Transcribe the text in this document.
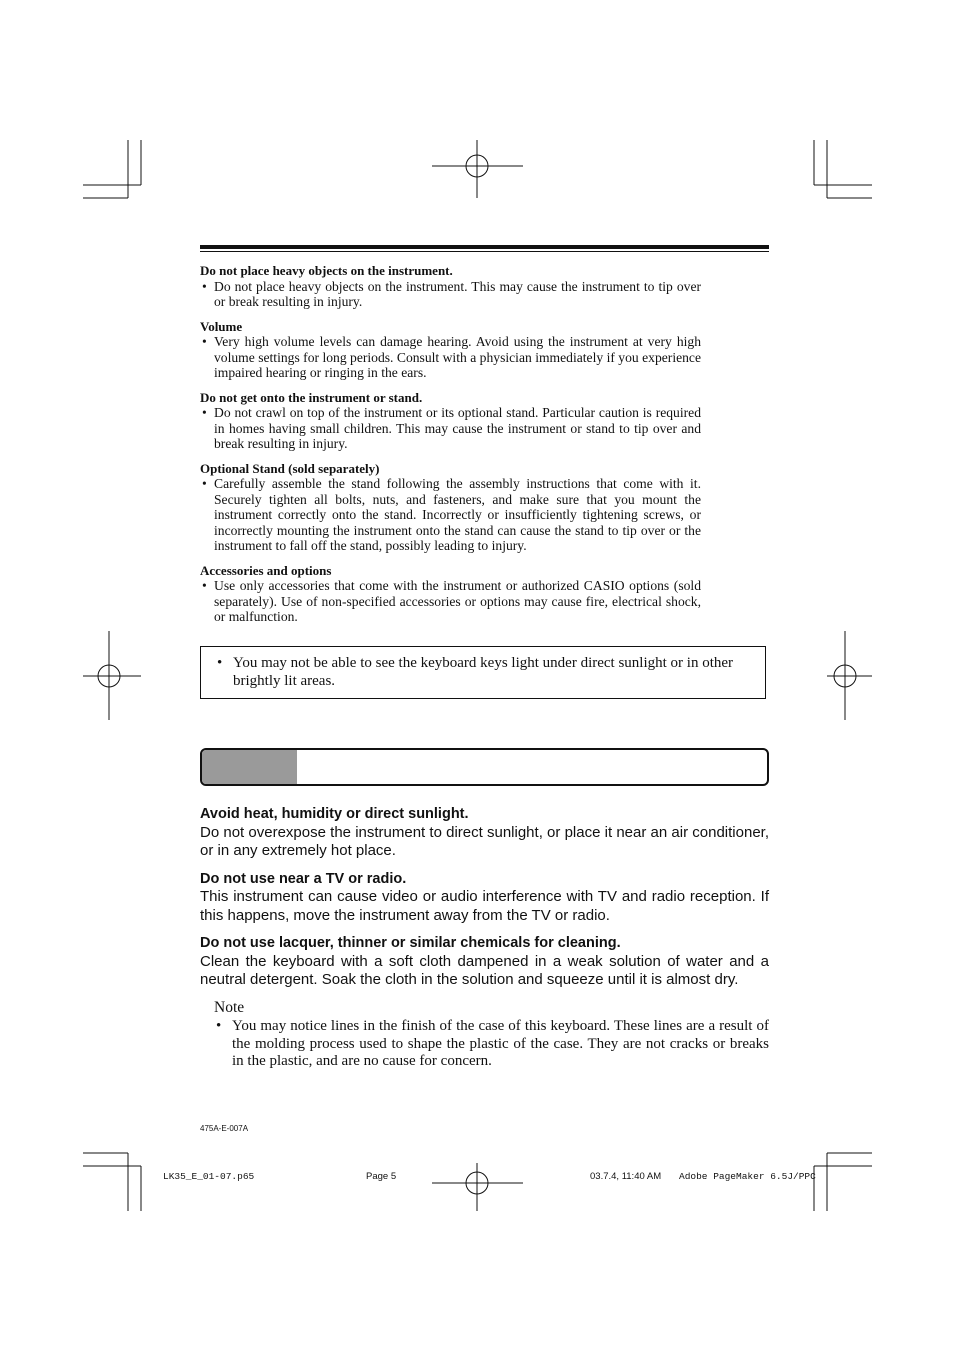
Do not place heavy objects on the instrument.
• Do not place heavy objects on the instrument. This may cause the instrument to tip over or break resulting in injury.
Volume
• Very high volume levels can damage hearing. Avoid using the instrument at very high volume settings for long periods. Consult with a physician immediately if you experience impaired hearing or ringing in the ears.
Do not get onto the instrument or stand.
• Do not crawl on top of the instrument or its optional stand. Particular caution is required in homes having small children. This may cause the instrument or stand to tip over and break resulting in injury.
Optional Stand (sold separately)
• Carefully assemble the stand following the assembly instructions that come with it. Securely tighten all bolts, nuts, and fasteners, and make sure that you mount the instrument correctly onto the stand. Incorrectly or insufficiently tightening screws, or incorrectly mounting the instrument onto the stand can cause the stand to tip over or the instrument to fall off the stand, possibly leading to injury.
Accessories and options
• Use only accessories that come with the instrument or authorized CASIO options (sold separately). Use of non-specified accessories or options may cause fire, electrical shock, or malfunction.
• You may not be able to see the keyboard keys light under direct sunlight or in other brightly lit areas.
Avoid heat, humidity or direct sunlight.
Do not overexpose the instrument to direct sunlight, or place it near an air conditioner, or in any extremely hot place.
Do not use near a TV or radio.
This instrument can cause video or audio interference with TV and radio reception. If this happens, move the instrument away from the TV or radio.
Do not use lacquer, thinner or similar chemicals for cleaning.
Clean the keyboard with a soft cloth dampened in a weak solution of water and a neutral detergent. Soak the cloth in the solution and squeeze until it is almost dry.
Note
• You may notice lines in the finish of the case of this keyboard. These lines are a result of the molding process used to shape the plastic of the case. They are not cracks or breaks in the plastic, and are no cause for concern.
475A-E-007A
LK35_E_01-07.p65	Page 5	03.7.4, 11:40 AM Adobe PageMaker 6.5J/PPC
